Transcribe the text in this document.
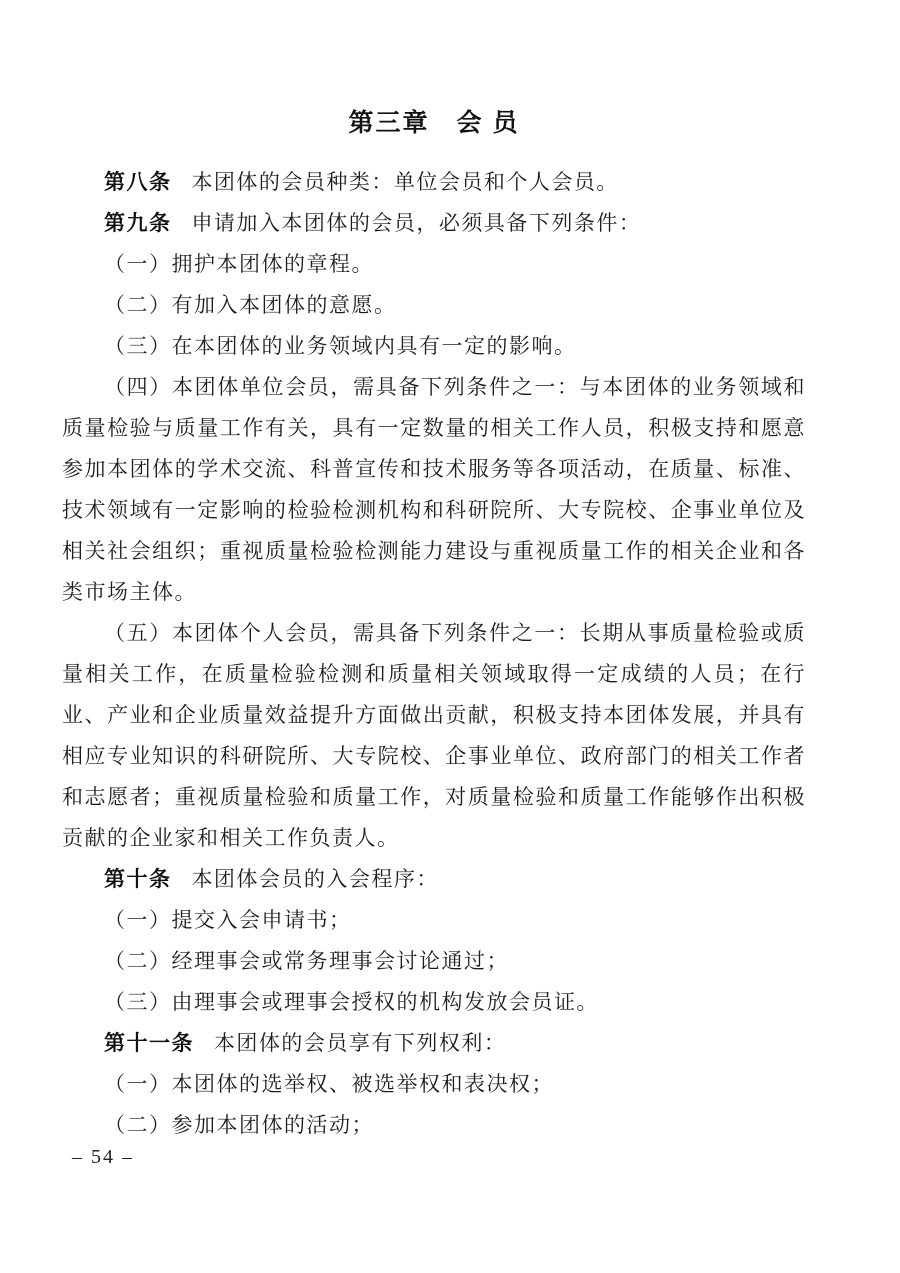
第三章　会 员

第八条 本团体的会员种类：单位会员和个人会员。

第九条 申请加入本团体的会员，必须具备下列条件：

（一）拥护本团体的章程。

（二）有加入本团体的意愿。

（三）在本团体的业务领域内具有一定的影响。

（四）本团体单位会员，需具备下列条件之一：与本团体的业务领域和质量检验与质量工作有关，具有一定数量的相关工作人员，积极支持和愿意参加本团体的学术交流、科普宣传和技术服务等各项活动，在质量、标准、技术领域有一定影响的检验检测机构和科研院所、大专院校、企事业单位及相关社会组织；重视质量检验检测能力建设与重视质量工作的相关企业和各类市场主体。

（五）本团体个人会员，需具备下列条件之一：长期从事质量检验或质量相关工作，在质量检验检测和质量相关领域取得一定成绩的人员；在行业、产业和企业质量效益提升方面做出贡献，积极支持本团体发展，并具有相应专业知识的科研院所、大专院校、企事业单位、政府部门的相关工作者和志愿者；重视质量检验和质量工作，对质量检验和质量工作能够作出积极贡献的企业家和相关工作负责人。

第十条 本团体会员的入会程序：

（一）提交入会申请书；

（二）经理事会或常务理事会讨论通过；

（三）由理事会或理事会授权的机构发放会员证。

第十一条 本团体的会员享有下列权利：

（一）本团体的选举权、被选举权和表决权；

（二）参加本团体的活动；

– 54 –
